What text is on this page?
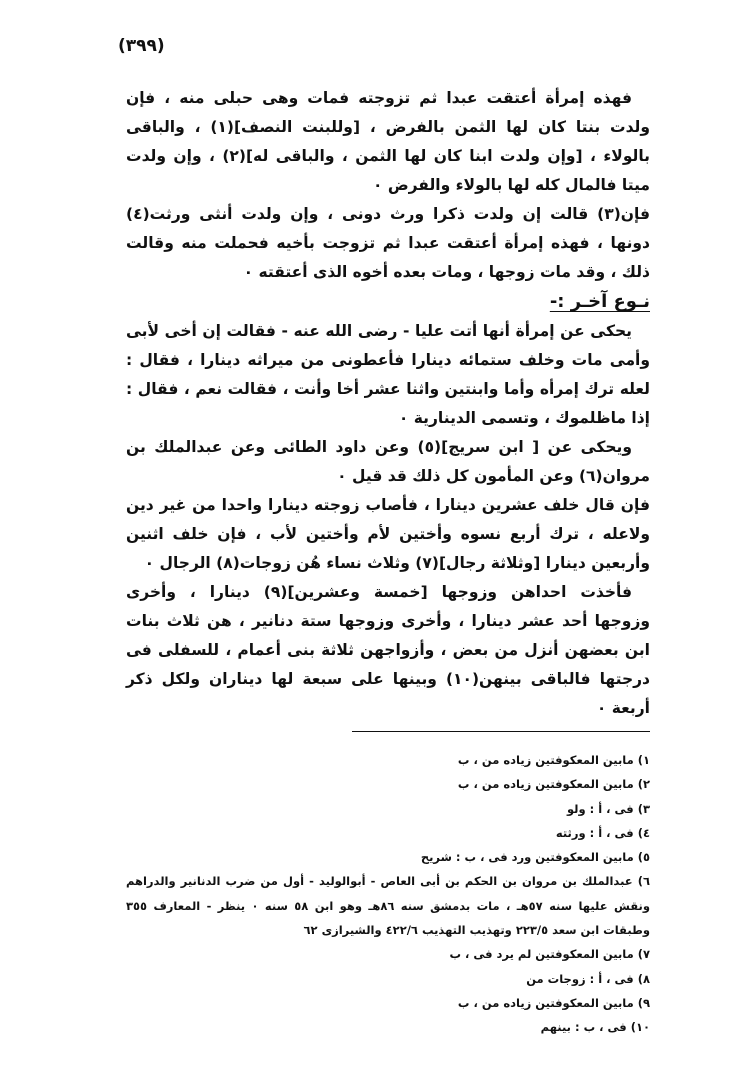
(٣٩٩)

فهذه إمرأة أعتقت عبدا ثم تزوجته فمات وهى حبلى منه ، فإن ولدت بنتا كان لها الثمن بالفرض ، [وللبنت النصف](١) ، والباقى بالولاء ، [وإن ولدت ابنا كان لها الثمن ، والباقى له](٢) ، وإن ولدت ميتا فالمال كله لها بالولاء والفرض ٠

فإن(٣) قالت إن ولدت ذكرا ورث دونى ، وإن ولدت أنثى ورثت(٤) دونها ، فهذه إمرأة أعتقت عبدا ثم تزوجت بأخيه فحملت منه وقالت ذلك ، وقد مات زوجها ، ومات بعده أخوه الذى أعتقته ٠

نـوع آخـر :-

يحكى عن إمرأة أنها أتت عليا - رضى الله عنه - فقالت إن أخى لأبى وأمى مات وخلف ستمائه دينارا فأعطونى من ميراثه دينارا ، فقال : لعله ترك إمرأه وأما وابنتين واثنا عشر أخا وأنت ، فقالت نعم ، فقال : إذا ماظلموك ، وتسمى الدينارية ٠

ويحكى عن [ ابن سريج](٥) وعن داود الطائى وعن عبدالملك بن مروان(٦) وعن المأمون كل ذلك قد قيل ٠

فإن قال خلف عشرين دينارا ، فأصاب زوجته دينارا واحدا من غير دين ولاعله ، ترك أربع نسوه وأختين لأم وأختين لأب ، فإن خلف اثنين وأربعين دينارا [وثلاثة رجال](٧) وثلاث نساء هُن زوجات(٨) الرجال ٠

فأخذت احداهن وزوجها [خمسة وعشرين](٩) دينارا ، وأخرى وزوجها أحد عشر دينارا ، وأخرى وزوجها ستة دنانير ، هن ثلاث بنات ابن بعضهن أنزل من بعض ، وأزواجهن ثلاثة بنى أعمام ، للسفلى فى درجتها فالباقى بينهن(١٠) وبينها على سبعة لها ديناران ولكل ذكر أربعة ٠

١) مابين المعكوفتين زياده من ، ب

٢) مابين المعكوفتين زياده من ، ب

٣) فى ، أ : ولو

٤) فى ، أ : ورثته

٥) مابين المعكوفتين ورد فى ، ب : شريح

٦) عبدالملك بن مروان بن الحكم بن أبى العاص - أبوالوليد - أول من ضرب الدنانير والدراهم ونقش عليها سنه ٥٧هـ ، مات بدمشق سنه ٨٦هـ وهو ابن ٥٨ سنه ٠ ينظر - المعارف ٣٥٥ وطبقات ابن سعد ٢٢٣/٥ وتهذيب التهذيب ٤٢٢/٦ والشيرازى ٦٢

٧) مابين المعكوفتين لم يرد فى ، ب

٨) فى ، أ : زوجات من

٩) مابين المعكوفتين زياده من ، ب

١٠) فى ، ب : بينهم
